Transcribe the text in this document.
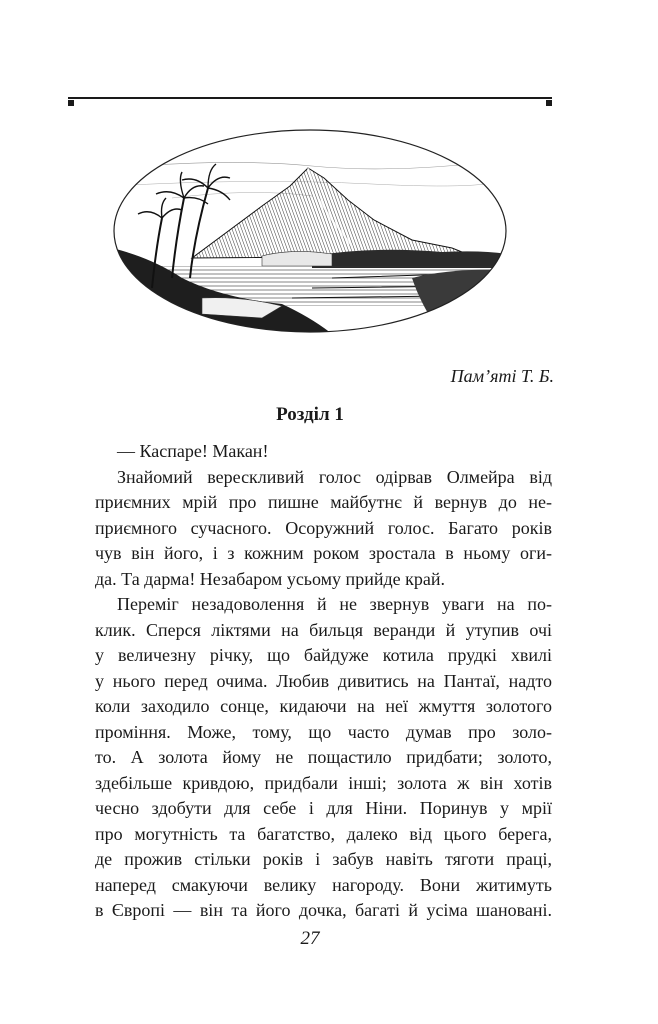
Пам’яті Т. Б.
Розділ 1
— Каспаре! Макан!
Знайомий верескливий голос одірвав Олмейра від
приємних мрій про пишне майбутнє й вернув до не-
приємного сучасного. Осоружний голос. Багато років
чув він його, і з кожним роком зростала в ньому оги-
да. Та дарма! Незабаром усьому прийде край.
Переміг незадоволення й не звернув уваги на по-
клик. Сперся ліктями на бильця веранди й утупив очі
у величезну річку, що байдуже котила прудкі хвилі
у нього перед очима. Любив дивитись на Пантаї, надто
коли заходило сонце, кидаючи на неї жмуття золотого
проміння. Може, тому, що часто думав про золо-
то. А золота йому не пощастило придбати; золото,
здебільше кривдою, придбали інші; золота ж він хотів
чесно здобути для себе і для Ніни. Поринув у мрії
про могутність та багатство, далеко від цього берега,
де прожив стільки років і забув навіть тяготи праці,
наперед смакуючи велику нагороду. Вони житимуть
в Європі — він та його дочка, багаті й усіма шановані.
27
